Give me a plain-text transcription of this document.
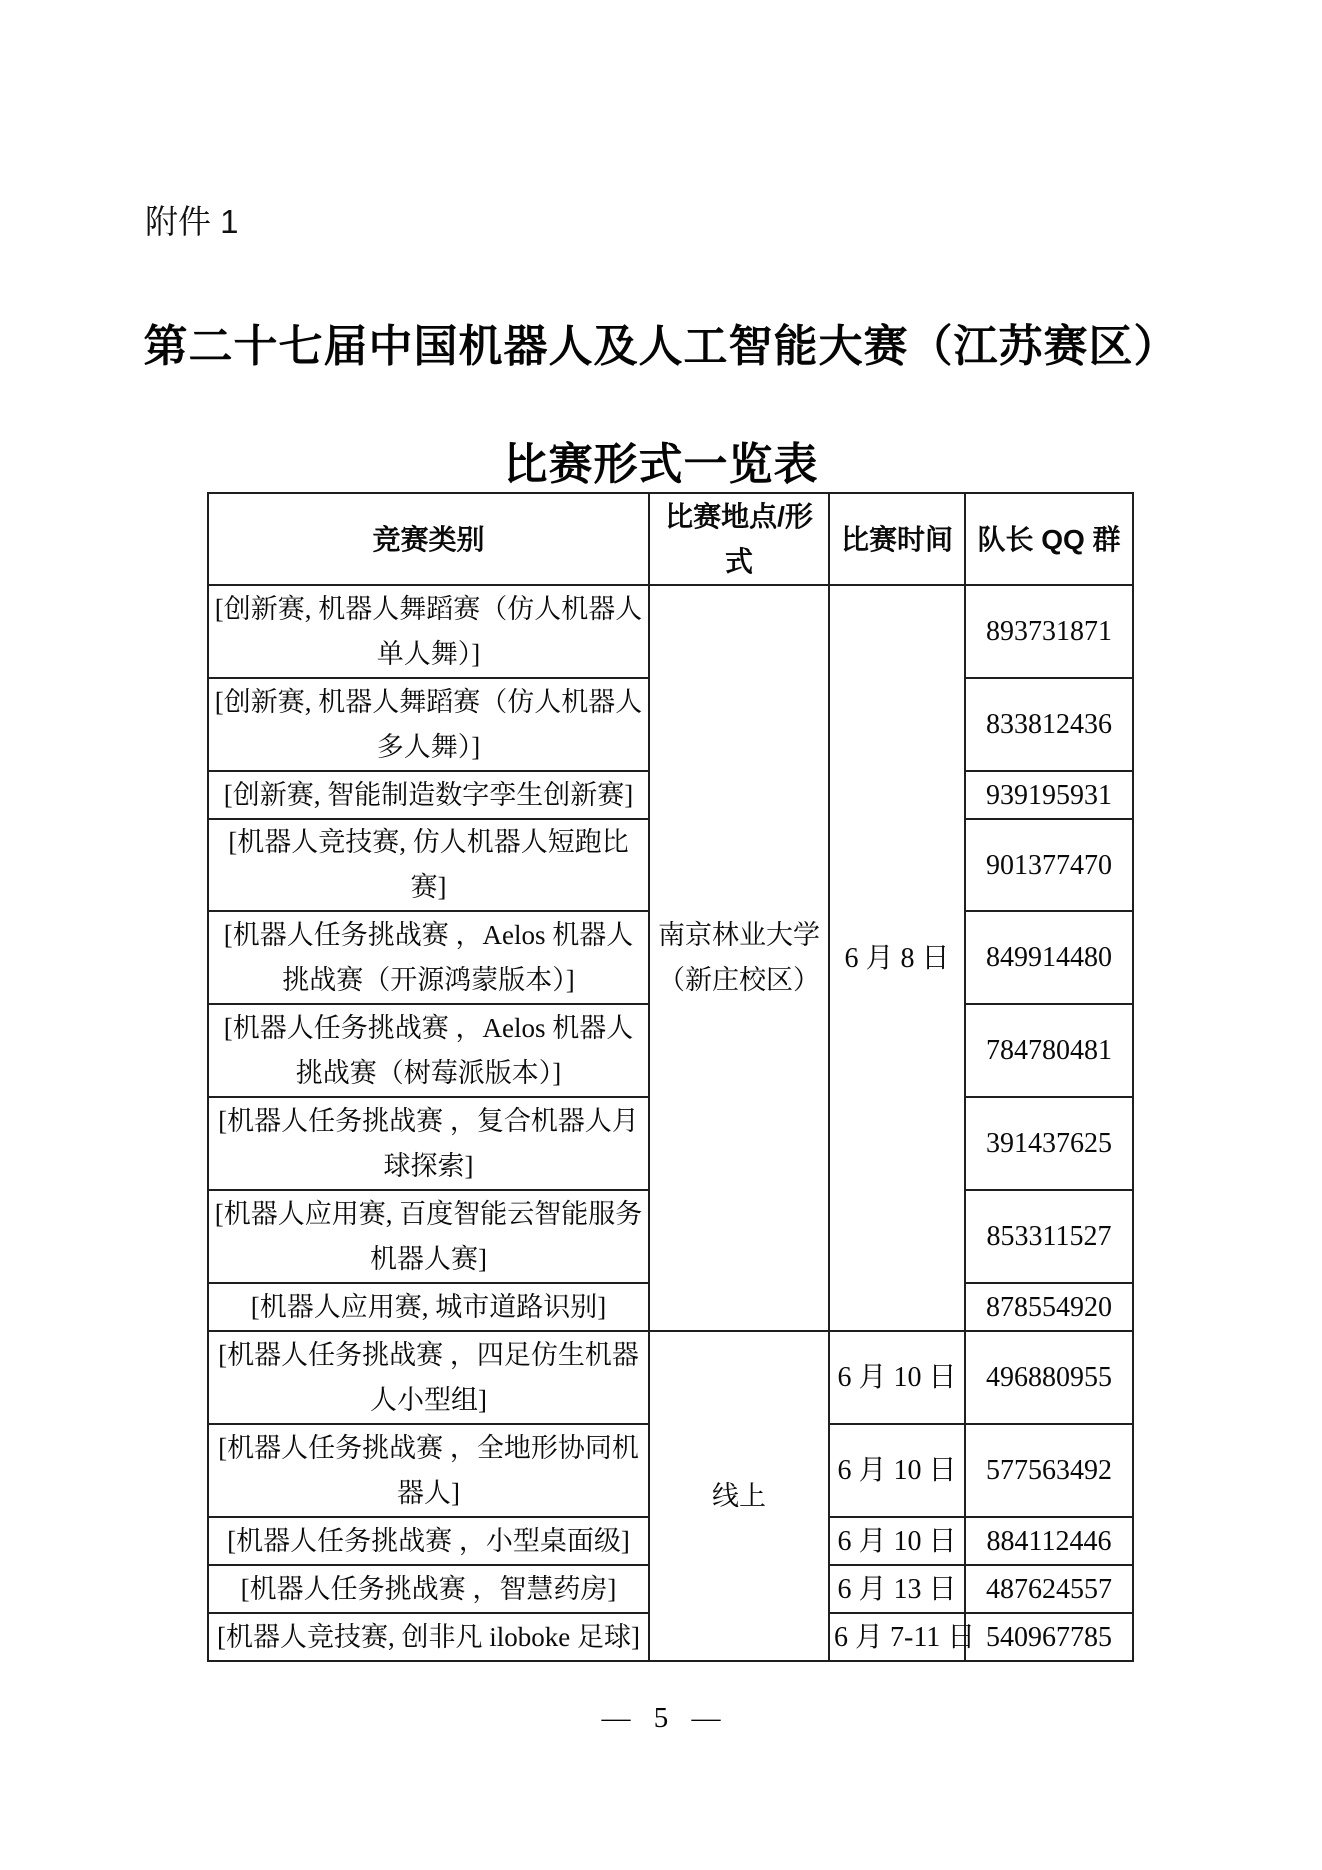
附件 1
第二十七届中国机器人及人工智能大赛（江苏赛区）
比赛形式一览表
竞赛类别	比赛地点/形式	比赛时间	队长 QQ 群
[创新赛, 机器人舞蹈赛（仿人机器人单人舞）]	南京林业大学（新庄校区）	6 月 8 日	893731871
[创新赛, 机器人舞蹈赛（仿人机器人多人舞）]			833812436
[创新赛, 智能制造数字孪生创新赛]			939195931
[机器人竞技赛, 仿人机器人短跑比赛]			901377470
[机器人任务挑战赛 ，Aelos 机器人挑战赛（开源鸿蒙版本）]			849914480
[机器人任务挑战赛 ，Aelos 机器人挑战赛（树莓派版本）]			784780481
[机器人任务挑战赛 ，复合机器人月球探索]			391437625
[机器人应用赛, 百度智能云智能服务机器人赛]			853311527
[机器人应用赛, 城市道路识别]			878554920
[机器人任务挑战赛 ，四足仿生机器人小型组]	线上	6 月 10 日	496880955
[机器人任务挑战赛 ，全地形协同机器人]		6 月 10 日	577563492
[机器人任务挑战赛 ，小型桌面级]		6 月 10 日	884112446
[机器人任务挑战赛 ，智慧药房]		6 月 13 日	487624557
[机器人竞技赛, 创非凡 iloboke 足球]		6 月 7-11 日	540967785
— 5 —
